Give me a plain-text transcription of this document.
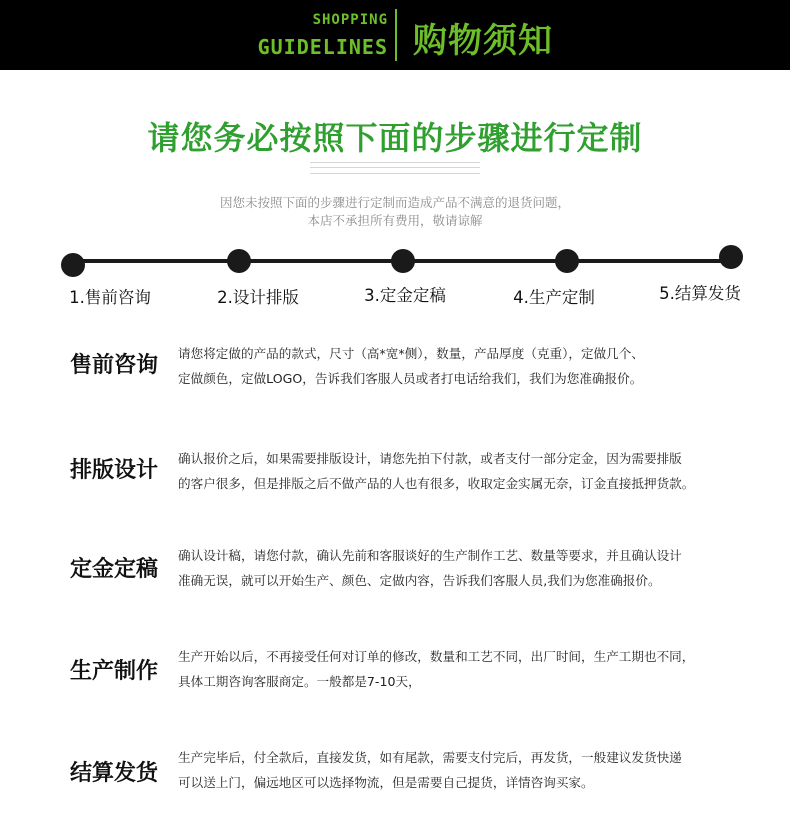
SHOPPING
GUIDELINES 购物须知
请您务必按照下面的步骤进行定制
因您未按照下面的步骤进行定制而造成产品不满意的退货问题，
本店不承担所有费用，敬请谅解
1.售前咨询	2.设计排版	3.定金定稿	4.生产定制	5.结算发货
售前咨询 请您将定做的产品的款式，尺寸（高*宽*侧），数量，产品厚度（克重），定做几个、
定做颜色，定做LOGO，告诉我们客服人员或者打电话给我们，我们为您准确报价。
排版设计 确认报价之后，如果需要排版设计，请您先拍下付款，或者支付一部分定金，因为需要排版
的客户很多，但是排版之后不做产品的人也有很多，收取定金实属无奈，订金直接抵押货款。
定金定稿
确认设计稿，请您付款，确认先前和客服谈好的生产制作工艺、数量等要求，并且确认设计
准确无误，就可以开始生产、颜色、定做内容，告诉我们客服人员,我们为您准确报价。
生产制作
生产开始以后，不再接受任何对订单的修改，数量和工艺不同，出厂时间，生产工期也不同，
具体工期咨询客服商定。一般都是7-10天，
结算发货
生产完毕后，付全款后，直接发货，如有尾款，需要支付完后，再发货，一般建议发货快递
可以送上门，偏远地区可以选择物流，但是需要自己提货，详情咨询买家。
